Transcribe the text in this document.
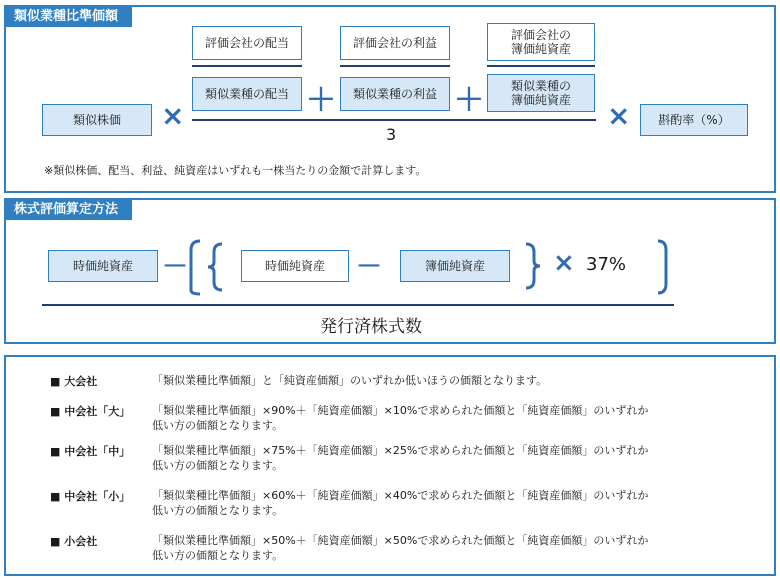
類似業種比準価額
類似株価	×
評価会社の配当
類似業種の配当 ＋
評価会社の利益
類似業種の利益 ＋
評価会社の
簿価純資産
類似業種の
簿価純資産
3
×	斟酌率（%）
※類似株価、配当、利益、純資産はいずれも一株当たりの金額で計算します。
株式評価算定方法
時価純資産	－	時価純資産	－	簿価純資産	× 37%
発行済株式数
■ 大会社	「類似業種比準価額」と「純資産価額」のいずれか低いほうの価額となります。
■ 中会社「大」 「類似業種比準価額」×90%＋「純資産価額」×10%で求められた価額と「純資産価額」のいずれか
低い方の価額となります。
■ 中会社「中」 「類似業種比準価額」×75%＋「純資産価額」×25%で求められた価額と「純資産価額」のいずれか
低い方の価額となります。
■ 中会社「小」 「類似業種比準価額」×60%＋「純資産価額」×40%で求められた価額と「純資産価額」のいずれか
低い方の価額となります。
■ 小会社	「類似業種比準価額」×50%＋「純資産価額」×50%で求められた価額と「純資産価額」のいずれか
低い方の価額となります。
